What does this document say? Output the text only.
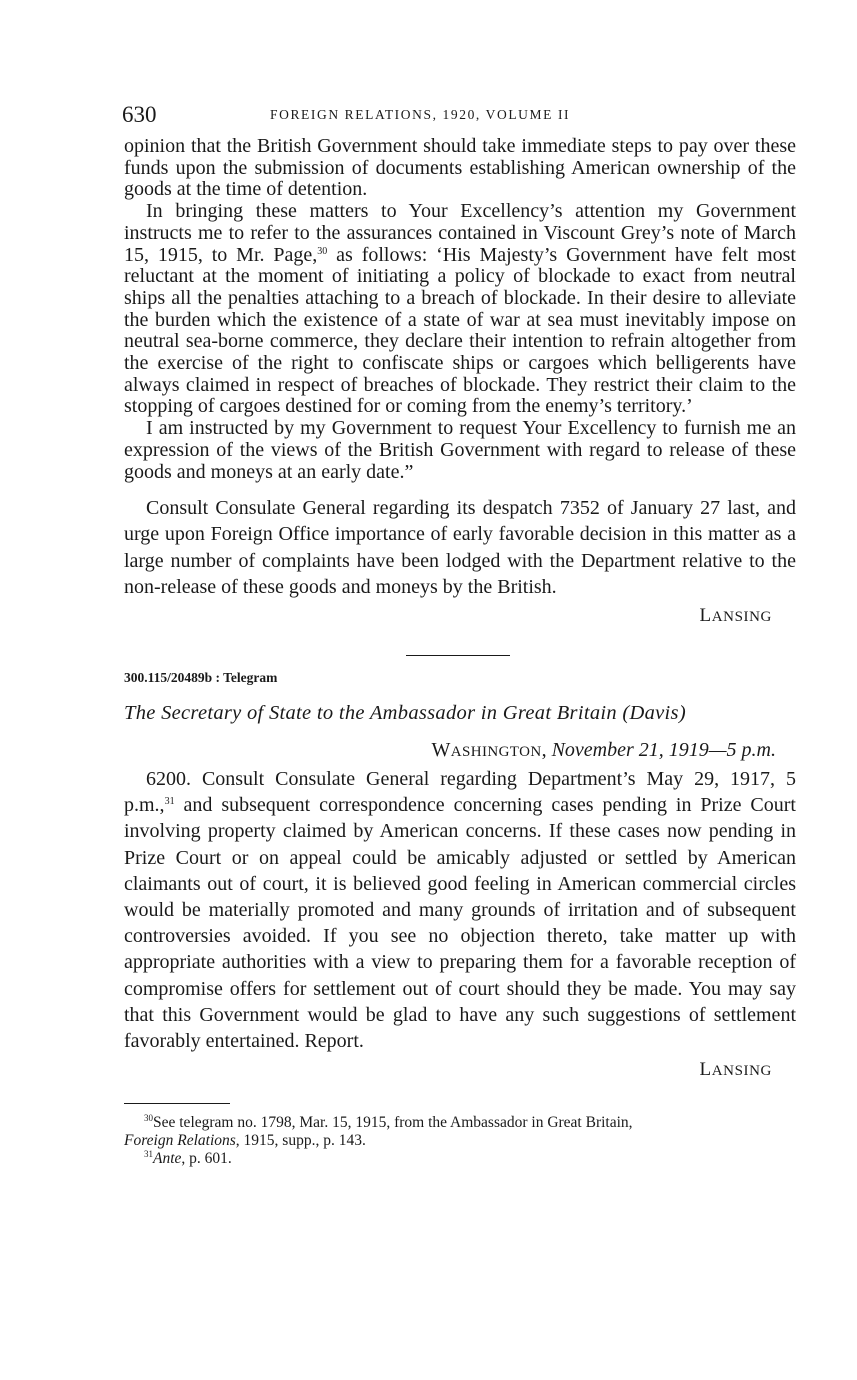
630	FOREIGN RELATIONS, 1920, VOLUME II

opinion that the British Government should take immediate steps to pay over these funds upon the submission of documents establishing American ownership of the goods at the time of detention.

In bringing these matters to Your Excellency’s attention my Government instructs me to refer to the assurances contained in Viscount Grey’s note of March 15, 1915, to Mr. Page,$^{30}$ as follows: ‘His Majesty’s Government have felt most reluctant at the moment of initiating a policy of blockade to exact from neutral ships all the penalties attaching to a breach of blockade. In their desire to alleviate the burden which the existence of a state of war at sea must inevitably impose on neutral sea-borne commerce, they declare their intention to refrain altogether from the exercise of the right to confiscate ships or cargoes which belligerents have always claimed in respect of breaches of blockade. They restrict their claim to the stopping of cargoes destined for or coming from the enemy’s territory.’

I am instructed by my Government to request Your Excellency to furnish me an expression of the views of the British Government with regard to release of these goods and moneys at an early date.”

Consult Consulate General regarding its despatch 7352 of January 27 last, and urge upon Foreign Office importance of early favorable decision in this matter as a large number of complaints have been lodged with the Department relative to the non-release of these goods and moneys by the British.

LANSING
300.115/20489b : Telegram
The Secretary of State to the Ambassador in Great Britain (Davis)
WASHINGTON, November 21, 1919—5 p.m.

6200. Consult Consulate General regarding Department’s May 29, 1917, 5 p.m.,$^{31}$ and subsequent correspondence concerning cases pending in Prize Court involving property claimed by American concerns. If these cases now pending in Prize Court or on appeal could be amicably adjusted or settled by American claimants out of court, it is believed good feeling in American commercial circles would be materially promoted and many grounds of irritation and of subsequent controversies avoided. If you see no objection thereto, take matter up with appropriate authorities with a view to preparing them for a favorable reception of compromise offers for settlement out of court should they be made. You may say that this Government would be glad to have any such suggestions of settlement favorably entertained. Report.

LANSING

$^{30}$See telegram no. 1798, Mar. 15, 1915, from the Ambassador in Great Britain,

Foreign Relations, 1915, supp., p. 143.

$^{31}$Ante, p. 601.
